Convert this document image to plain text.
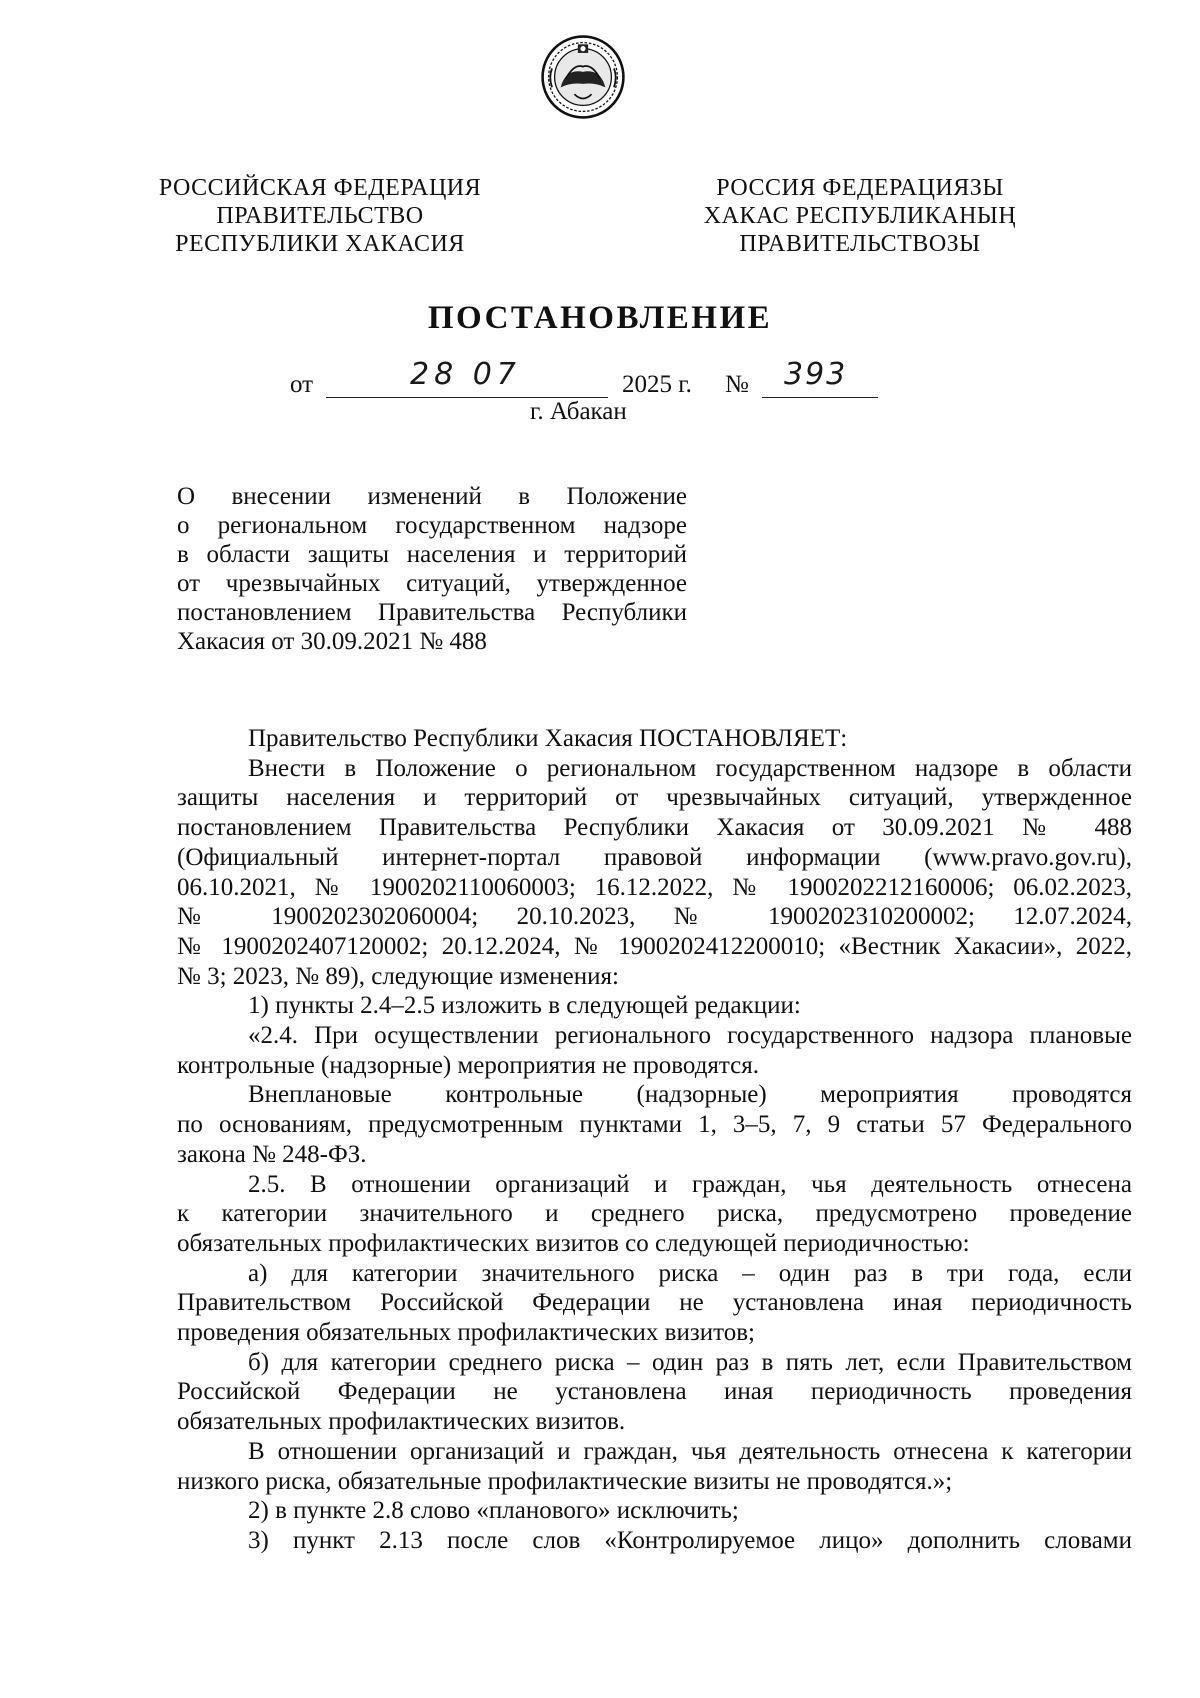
РОССИЙСКАЯ ФЕДЕРАЦИЯ
ПРАВИТЕЛЬСТВО
РЕСПУБЛИКИ ХАКАСИЯ
РОССИЯ ФЕДЕРАЦИЯЗЫ
ХАКАС РЕСПУБЛИКАНЫҢ
ПРАВИТЕЛЬСТВОЗЫ
ПОСТАНОВЛЕНИЕ
от	28 07	2025 г. № 393
г. Абакан
О внесении изменений в Положение
о региональном государственном надзоре
в области защиты населения и территорий
от чрезвычайных ситуаций, утвержденное
постановлением Правительства Республики
Хакасия от 30.09.2021 № 488
Правительство Республики Хакасия ПОСТАНОВЛЯЕТ:
Внести в Положение о региональном государственном надзоре в области
защиты населения и территорий от чрезвычайных ситуаций, утвержденное
постановлением Правительства Республики Хакасия от 30.09.2021 № 488
(Официальный интернет-портал правовой информации (www.pravo.gov.ru),
06.10.2021, № 1900202110060003; 16.12.2022, № 1900202212160006; 06.02.2023,
№ 1900202302060004; 20.10.2023, № 1900202310200002; 12.07.2024,
№ 1900202407120002; 20.12.2024, № 1900202412200010; «Вестник Хакасии», 2022,
№ 3; 2023, № 89), следующие изменения:
1) пункты 2.4–2.5 изложить в следующей редакции:
«2.4. При осуществлении регионального государственного надзора плановые
контрольные (надзорные) мероприятия не проводятся.
Внеплановые контрольные (надзорные) мероприятия проводятся
по основаниям, предусмотренным пунктами 1, 3–5, 7, 9 статьи 57 Федерального
закона № 248-ФЗ.
2.5. В отношении организаций и граждан, чья деятельность отнесена
к категории значительного и среднего риска, предусмотрено проведение
обязательных профилактических визитов со следующей периодичностью:
а) для категории значительного риска – один раз в три года, если
Правительством Российской Федерации не установлена иная периодичность
проведения обязательных профилактических визитов;
б) для категории среднего риска – один раз в пять лет, если Правительством
Российской Федерации не установлена иная периодичность проведения
обязательных профилактических визитов.
В отношении организаций и граждан, чья деятельность отнесена к категории
низкого риска, обязательные профилактические визиты не проводятся.»;
2) в пункте 2.8 слово «планового» исключить;
3) пункт 2.13 после слов «Контролируемое лицо» дополнить словами
